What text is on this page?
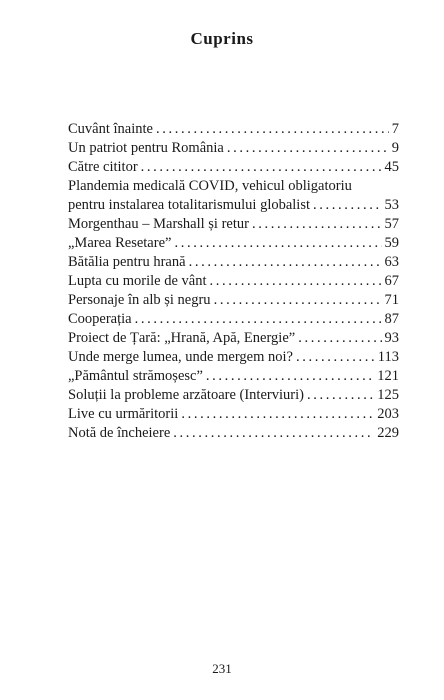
Cuprins
Cuvânt înainte . . .	7
Un patriot pentru România . . .	9
Către cititor . . .	45
Plandemia medicală COVID, vehicul obligatoriu
pentru instalarea totalitarismului globalist . . .	53
Morgenthau – Marshall și retur . . .	57
„Marea Resetare” . . .	59
Bătălia pentru hrană . . .	63
Lupta cu morile de vânt . . .	67
Personaje în alb și negru . . .	71
Cooperația . . .	87
Proiect de Țară: „Hrană, Apă, Energie” . . .	93
Unde merge lumea, unde mergem noi? . . .	113
„Pământul strămoșesc” . . .	121
Soluții la probleme arzătoare (Interviuri) . . .	125
Live cu urmăritorii . . .	203
Notă de încheiere . . .	229
231
